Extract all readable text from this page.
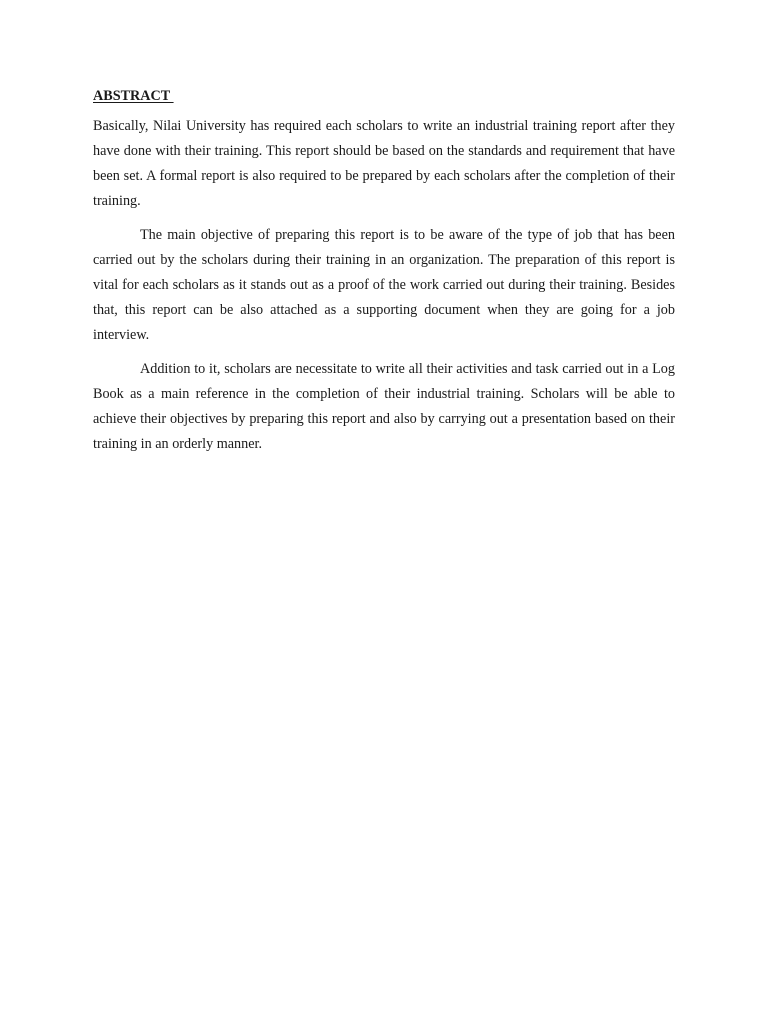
ABSTRACT

Basically, Nilai University has required each scholars to write an industrial training report after they have done with their training. This report should be based on the standards and requirement that have been set. A formal report is also required to be prepared by each scholars after the completion of their training.

The main objective of preparing this report is to be aware of the type of job that has been carried out by the scholars during their training in an organization. The preparation of this report is vital for each scholars as it stands out as a proof of the work carried out during their training. Besides that, this report can be also attached as a supporting document when they are going for a job interview.

Addition to it, scholars are necessitate to write all their activities and task carried out in a Log Book as a main reference in the completion of their industrial training. Scholars will be able to achieve their objectives by preparing this report and also by carrying out a presentation based on their training in an orderly manner.
